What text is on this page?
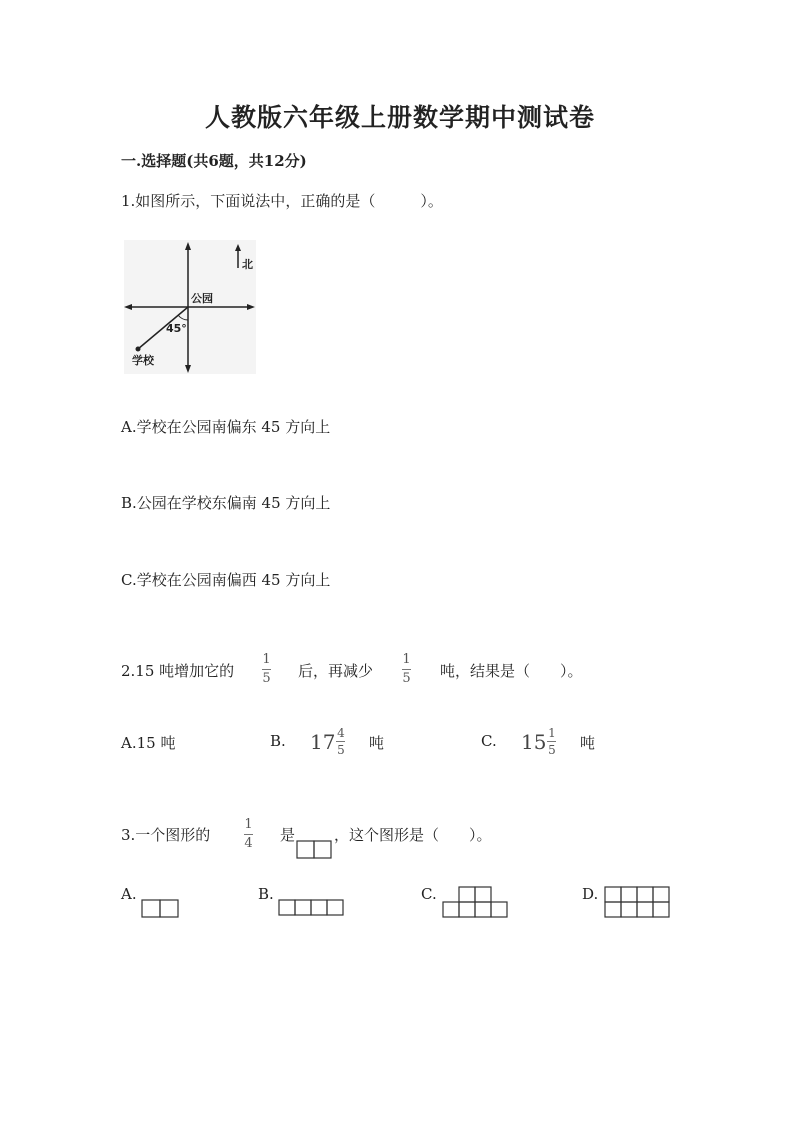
人教版六年级上册数学期中测试卷
一.选择题(共6题，共12分)
1.如图所示，下面说法中，正确的是（　　　）。
北
公园
45°
学校
A.学校在公园南偏东 45 方向上
B.公园在学校东偏南 45 方向上
C.学校在公园南偏西 45 方向上
2.15 吨增加它的
1
5 后，再减少
1
5 吨，结果是（　　）。
A.15 吨	B. $17 \frac{4}{5}$ 吨	C. $15 \frac{1}{5}$ 吨
3.一个图形的
1
4 是	，这个图形是（　　）。
A.	B.	C.	D.
